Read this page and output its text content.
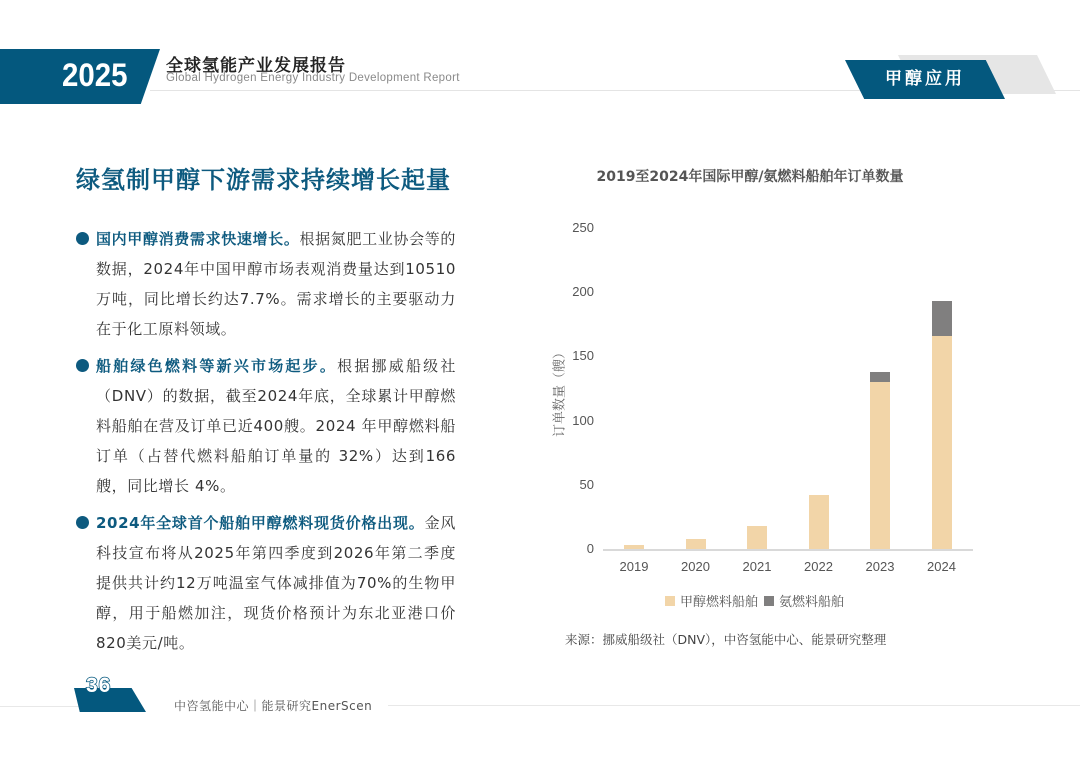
2025 全球氢能产业发展报告
Global Hydrogen Energy Industry Development Report	甲醇应用
绿氢制甲醇下游需求持续增长起量
国内甲醇消费需求快速增长。根据氮肥工业协会等的数据，2024年中国甲醇市场表观消费量达到10510万吨，同比增长约达7.7%。需求增长的主要驱动力在于化工原料领域。
船舶绿色燃料等新兴市场起步。根据挪威船级社（DNV）的数据，截至2024年底，全球累计甲醇燃料船舶在营及订单已近400艘。2024 年甲醇燃料船订单（占替代燃料船舶订单量的 32%）达到166 艘，同比增长 4%。
2024年全球首个船舶甲醇燃料现货价格出现。金风科技宣布将从2025年第四季度到2026年第二季度提供共计约12万吨温室气体减排值为70%的生物甲醇，用于船燃加注，现货价格预计为东北亚港口价820美元/吨。
2019至2024年国际甲醇/氨燃料船舶年订单数量
订单数量（艘）
甲醇燃料船舶 氨燃料船舶
来源：挪威船级社（DNV），中咨氢能中心、能景研究整理
36
中咨氢能中心｜能景研究EnerScen
250
200
150
100
50
0
2019	2020	2021	2022	2023	2024
